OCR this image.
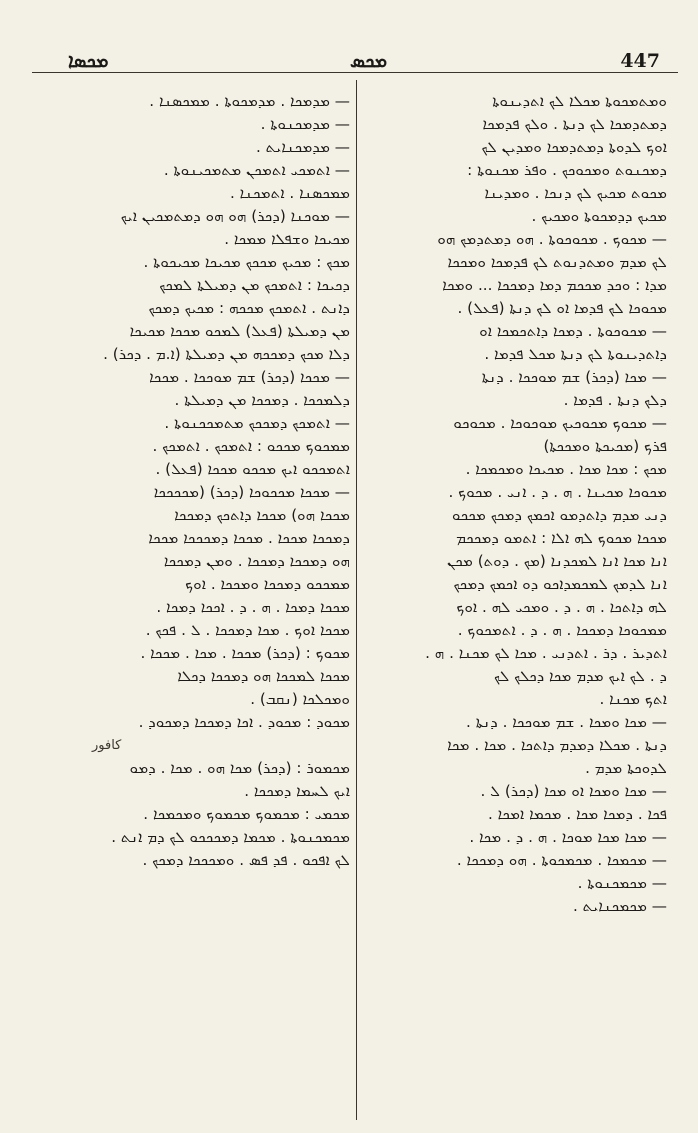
ܡܟܣܐ	ܡܟܣ	447
— ܡܕܡܟܐ . ܡܕܡܟܘܬܐ . ܡܡܟܣܢܐ .
— ܡܕܡܟܢܘܬܐ .
— ܡܕܡܟܢܐܝܬ .
— ܐܬܡܟܝ ܐܬܡܟܢ ܡܬܡܟܝܢܘܬܐ .
ܡܡܟܣܢܐ . ܐܬܡܟܢܐ .
— ܡܘܟܢܐ (ܕܟܪ) ܗܘ ܗܘ ܕܡܬܡܟܝܢ ܐܝܟ
ܡܟܝܟܐ ܘܫܦܠܐ ܡܡܟܐ .
ܡܟܟ : ܡܟܝܟ ܡܟܟܟ ܡܟܝܟܐ ܡܟܝܟܘܬܐ .
ܕܟܝܟܐ : ܐܬܡܟܟ ܡܢ ܕܡܝܠܬܐ ܠܡܟܟ
ܕܐܢܬ . ܐܬܡܟܟ ܡܟܟܗ : ܡܟܝܟ ܕܡܟܟ
ܡܢ ܕܡܝܠܬܐ (ܦܥܠ) ܠܡܟܘ ܡܟܟܐ ܡܟܝܟܐ
ܕܠܐ ܡܟܟ ܕܡܟܟܗ ܡܢ ܕܡܝܠܬܐ (ܐ.ܡ . ܕܟܪ) .
— ܡܟܟܐ (ܕܟܪ) ܫܡ ܡܘܟܟܐ . ܡܟܟܐ
ܕܠܡܟܟܐ . ܕܡܟܟܐ ܡܢ ܕܡܝܠܬܐ .
— ܐܬܡܟܟ ܕܡܟܟܟ ܡܬܡܟܟܢܘܬܐ .
ܡܡܟܘܟ ܡܟܟܘ : ܐܬܡܟܟ . ܐܬܡܟܟ .
ܐܬܡܟܟܘ ܐܝܟ ܡܟܟܘ ܡܟܟܐ (ܦܥܠ) .
— ܡܟܟܐ ܡܟܟܘܟܐ (ܕܟܪ) (ܡܟܟܟܟܐ
ܡܟܟܐ ܗܘ) ܡܟܟܐ ܕܐܬܟܟ ܕܡܟܟܐ
ܕܡܟܟܐ ܡܟܟܐ . ܡܟܟܐ ܕܡܟܟܟܐ ܡܟܟܐ
ܗܘ ܕܡܟܟܐ ܕܡܟܟܐ . ܘܡܢ ܕܡܟܟܐ
ܡܡܟܟܘ ܕܡܟܟܐ ܘܡܟܟܐ . ܐܘܟ
ܡܟܟܐ ܕܡܟܐ . ܗ . ܕ . ܐܟܟܐ ܕܡܟܐ .
ܡܟܟܐ ܐܘܟ . ܡܟܐ ܕܡܟܟܐ . ܠ . ܦܟܟ .
ܡܟܘܟ : (ܕܟܪ) ܡܟܟܐ . ܡܟܐ . ܡܟܟܐ .
ܡܟܟܐ ܠܡܟܟܐ ܗܘ ܕܡܟܟܐ ܕܟܠܐ
ܘܡܟܠܟܐ (ܢܩܒ) .
ܡܟܘܕ : ܡܟܘܕ . ܐܟܐ ܕܡܟܟܐ ܕܡܟܘܕ .
كافور
ܡܟܡܘܪ : (ܕܟܪ) ܡܟܐ ܗܘ . ܡܟܐ . ܕܡܘ
ܐܝܟ ܠܚܡܐ ܕܡܟܟܐ .
ܡܟܡܝ : ܡܟܡܘܟ ܡܟܡܘܟ ܘܡܟܡܟܐ .
ܡܟܡܟܢܘܬܐ . ܡܟܡܐ ܕܡܟܟܟܘ ܠܟ ܕܡ ܐܢܬ .
ܠܟ ܐܦܟܘ . ܦܕ ܦܣ . ܘܡܟܟܟܐ ܕܡܟܟ .
ܘܡܬܡܟܘܬܐ ܡܟܠܐ ܠܟ ܐܬܕܝܢܘܬܐ
ܕܡܬܕܡܟܐ ܠܟ ܕܢܬܐ . ܘܠܟ ܦܕܡܟܐ
ܐܘܟ ܠܕܘܬܐ ܕܡܬܕܡܟܐ ܘܡܕܝܢ ܠܟ
ܕܡܟܢܘܬ ܘܡܟܘܟܟ . ܘܦܪ ܡܟܢܘܬܐ :
ܡܟܘܬ ܡܟܝܟ ܠܟ ܕܢܟܐ . ܘܡܕܝܢܐ
ܡܟܝܟ ܕܕܡܟܘܬܐ ܘܡܟܝܟ .
— ܡܟܘܟ . ܡܟܘܟܘܬܐ . ܗܘ ܕܡܬܕܡܟ ܗܘ
ܠܟ ܡܕܡ ܘܡܬܕܢܘܬ ܠܟ ܦܕܡܟܐ ܘܡܟܟܐ
ܡܕܐ : ܘܟܕ ܡܟܟܡ ܕܡܐ ܕܡܟܟܐ ... ܘܡܟܐ
ܡܟܘܟܐ ܠܟ ܦܕܡܐ ܐܘ ܠܟ ܕܢܬܐ (ܦܥܠ) .
— ܡܟܘܟܘܬܐ . ܕܡܟܐ ܕܐܬܟܡܟܐ ܐܘ
ܕܐܬܕܝܢܘܬܐ ܠܟ ܕܢܬܐ ܡܟܠ ܦܕܡܐ .
— ܡܟܐ (ܕܟܪ) ܫܡ ܡܘܟܟܐ . ܕܢܬܐ
ܕܠܟ ܕܢܬܐ . ܦܕܡܐ .
— ܡܟܘܟ ܡܟܘܟܝܟ ܡܘܟܘܟܐ . ܡܟܘܟܘ
ܦܪܟ (ܡܟܝܟܬܐ ܘܡܟܟܬܐ)
ܡܟܟ : ܡܟܐ ܡܟܐ . ܡܟܝܟܐ ܘܡܟܡܟܐ .
ܡܟܘܟܐ ܡܟܝܢܐ . ܗ . ܕ . ܐܢܝ . ܡܟܘܟ .
ܕܢܝ ܡܕܡ ܕܐܬܕܡܘ ܐܟܡܟ ܕܡܟܟ ܡܟܟܘ
ܡܟܟܐ ܡܟܘܟ ܠܗ ܐܠܐ : ܐܬܡܘ ܕܡܟܟܡ
ܐܢܐ ܡܟܐ ܐܢܐ ܠܡܟܕܢܐ (ܡܟ . ܕܘܬ) ܡܟܢ
ܐܢܐ ܠܕܡܟ ܠܡܟܡܕܐܟܘ ܕܘ ܐܟܡܟ ܕܡܟܟ
ܠܗ ܕܐܬܟܐ . ܗ . ܕ . ܘܡܟܝ ܠܗ . ܐܘܟ
ܡܡܟܘܟܐ ܕܡܟܟܐ . ܗ . ܕ . ܐܬܡܟܘܟ .
ܐܬܕܝܪ . ܕܪ . ܐܬܕܢܝ . ܡܟܐ ܠܟ ܡܟܢܐ . ܗ .
ܕ . ܠܟ ܐܝܟ ܡܕܡ ܡܟܐ ܕܟܠܟ ܠܟ
ܐܬܟ ܡܟܢܐ .
— ܡܟܐ ܘܡܟܐ . ܫܡ ܡܘܟܟܐ . ܕܢܬܐ .
ܕܢܬܐ . ܡܟܠܐ ܕܡܕܡ ܕܐܬܟܐ . ܡܟܐ . ܡܟܐ
ܠܕܘܟܬܐ ܡܕܡ .
— ܡܟܐ ܘܡܟܐ ܐܘ ܡܟܐ (ܕܟܪ) ܠ .
ܦܟܐ . ܕܡܟܐ ܡܟܐ . ܡܟܡܐ ܐܡܟܐ .
— ܡܟܐ ܡܟܐ ܡܘܟܐ . ܗ . ܕ . ܡܟܐ .
— ܡܟܡܟܐ . ܡܟܡܟܘܬܐ . ܗܘ ܕܡܟܟܐ .
— ܡܟܡܟܢܘܬܐ .
— ܡܟܡܟܢܐܝܬ .
